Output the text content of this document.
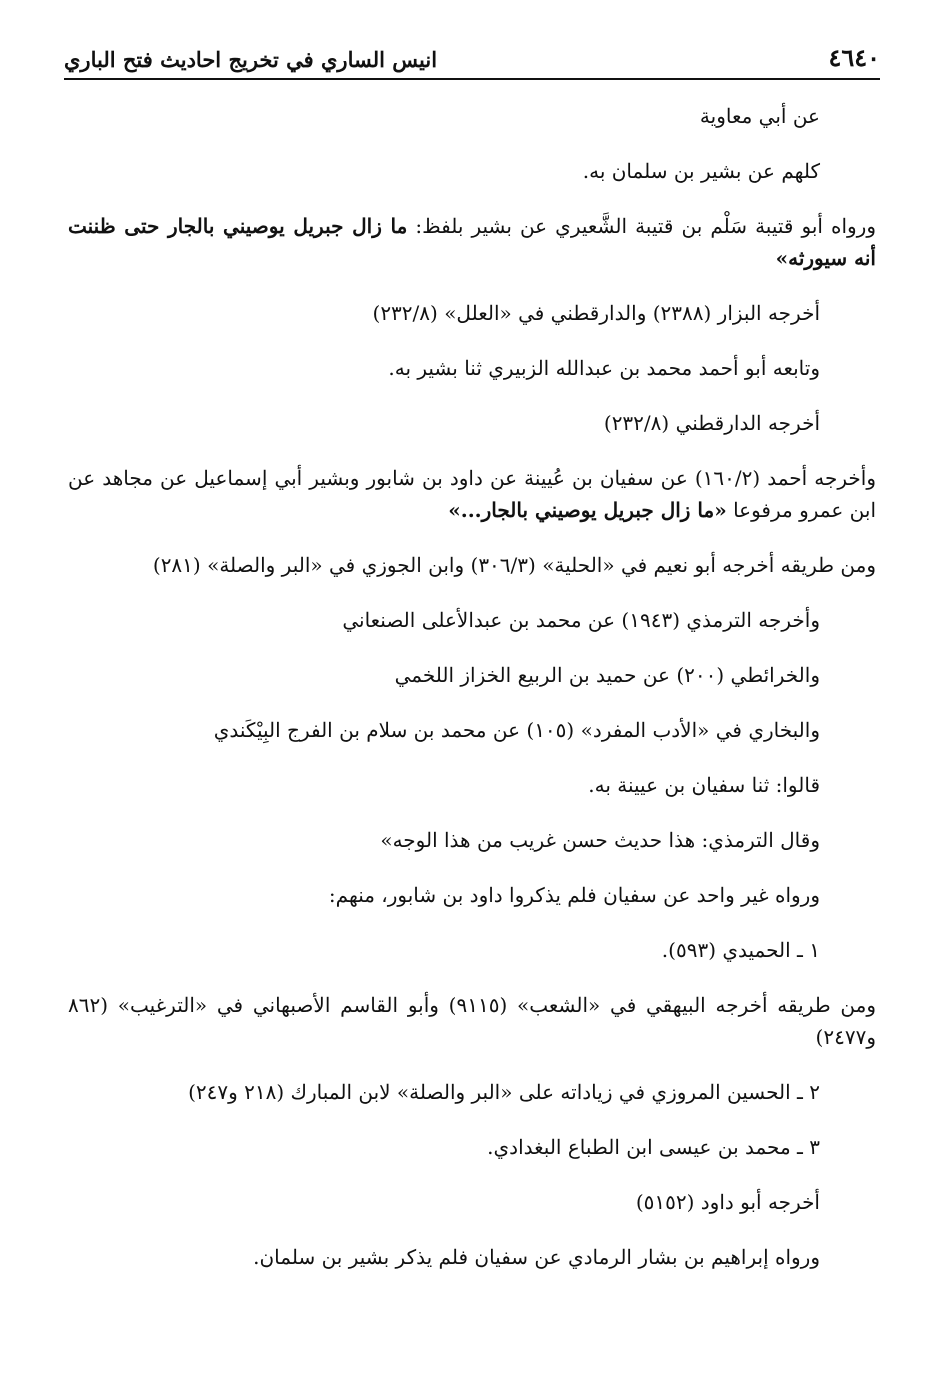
٤٦٤٠
انيس الساري في تخريج احاديث فتح الباري

عن أبي معاوية

كلهم عن بشير بن سلمان به.

ورواه أبو قتيبة سَلْم بن قتيبة الشَّعيري عن بشير بلفظ: ما زال جبريل يوصيني بالجار حتى ظننت أنه سيورثه»

أخرجه البزار (٢٣٨٨) والدارقطني في «العلل» (٢٣٢/٨)

وتابعه أبو أحمد محمد بن عبدالله الزبيري ثنا بشير به.

أخرجه الدارقطني (٢٣٢/٨)

وأخرجه أحمد (١٦٠/٢) عن سفيان بن عُيينة عن داود بن شابور وبشير أبي إسماعيل عن مجاهد عن ابن عمرو مرفوعا «ما زال جبريل يوصيني بالجار...»

ومن طريقه أخرجه أبو نعيم في «الحلية» (٣٠٦/٣) وابن الجوزي في «البر والصلة» (٢٨١)

وأخرجه الترمذي (١٩٤٣) عن محمد بن عبدالأعلى الصنعاني

والخرائطي (٢٠٠) عن حميد بن الربيع الخزاز اللخمي

والبخاري في «الأدب المفرد» (١٠٥) عن محمد بن سلام بن الفرج البِيْكَندي

قالوا: ثنا سفيان بن عيينة به.

وقال الترمذي: هذا حديث حسن غريب من هذا الوجه»

ورواه غير واحد عن سفيان فلم يذكروا داود بن شابور، منهم:

١ ـ الحميدي (٥٩٣).

ومن طريقه أخرجه البيهقي في «الشعب» (٩١١٥) وأبو القاسم الأصبهاني في «الترغيب» (٨٦٢ و٢٤٧٧)

٢ ـ الحسين المروزي في زياداته على «البر والصلة» لابن المبارك (٢١٨ و٢٤٧)

٣ ـ محمد بن عيسى ابن الطباع البغدادي.

أخرجه أبو داود (٥١٥٢)

ورواه إبراهيم بن بشار الرمادي عن سفيان فلم يذكر بشير بن سلمان.
